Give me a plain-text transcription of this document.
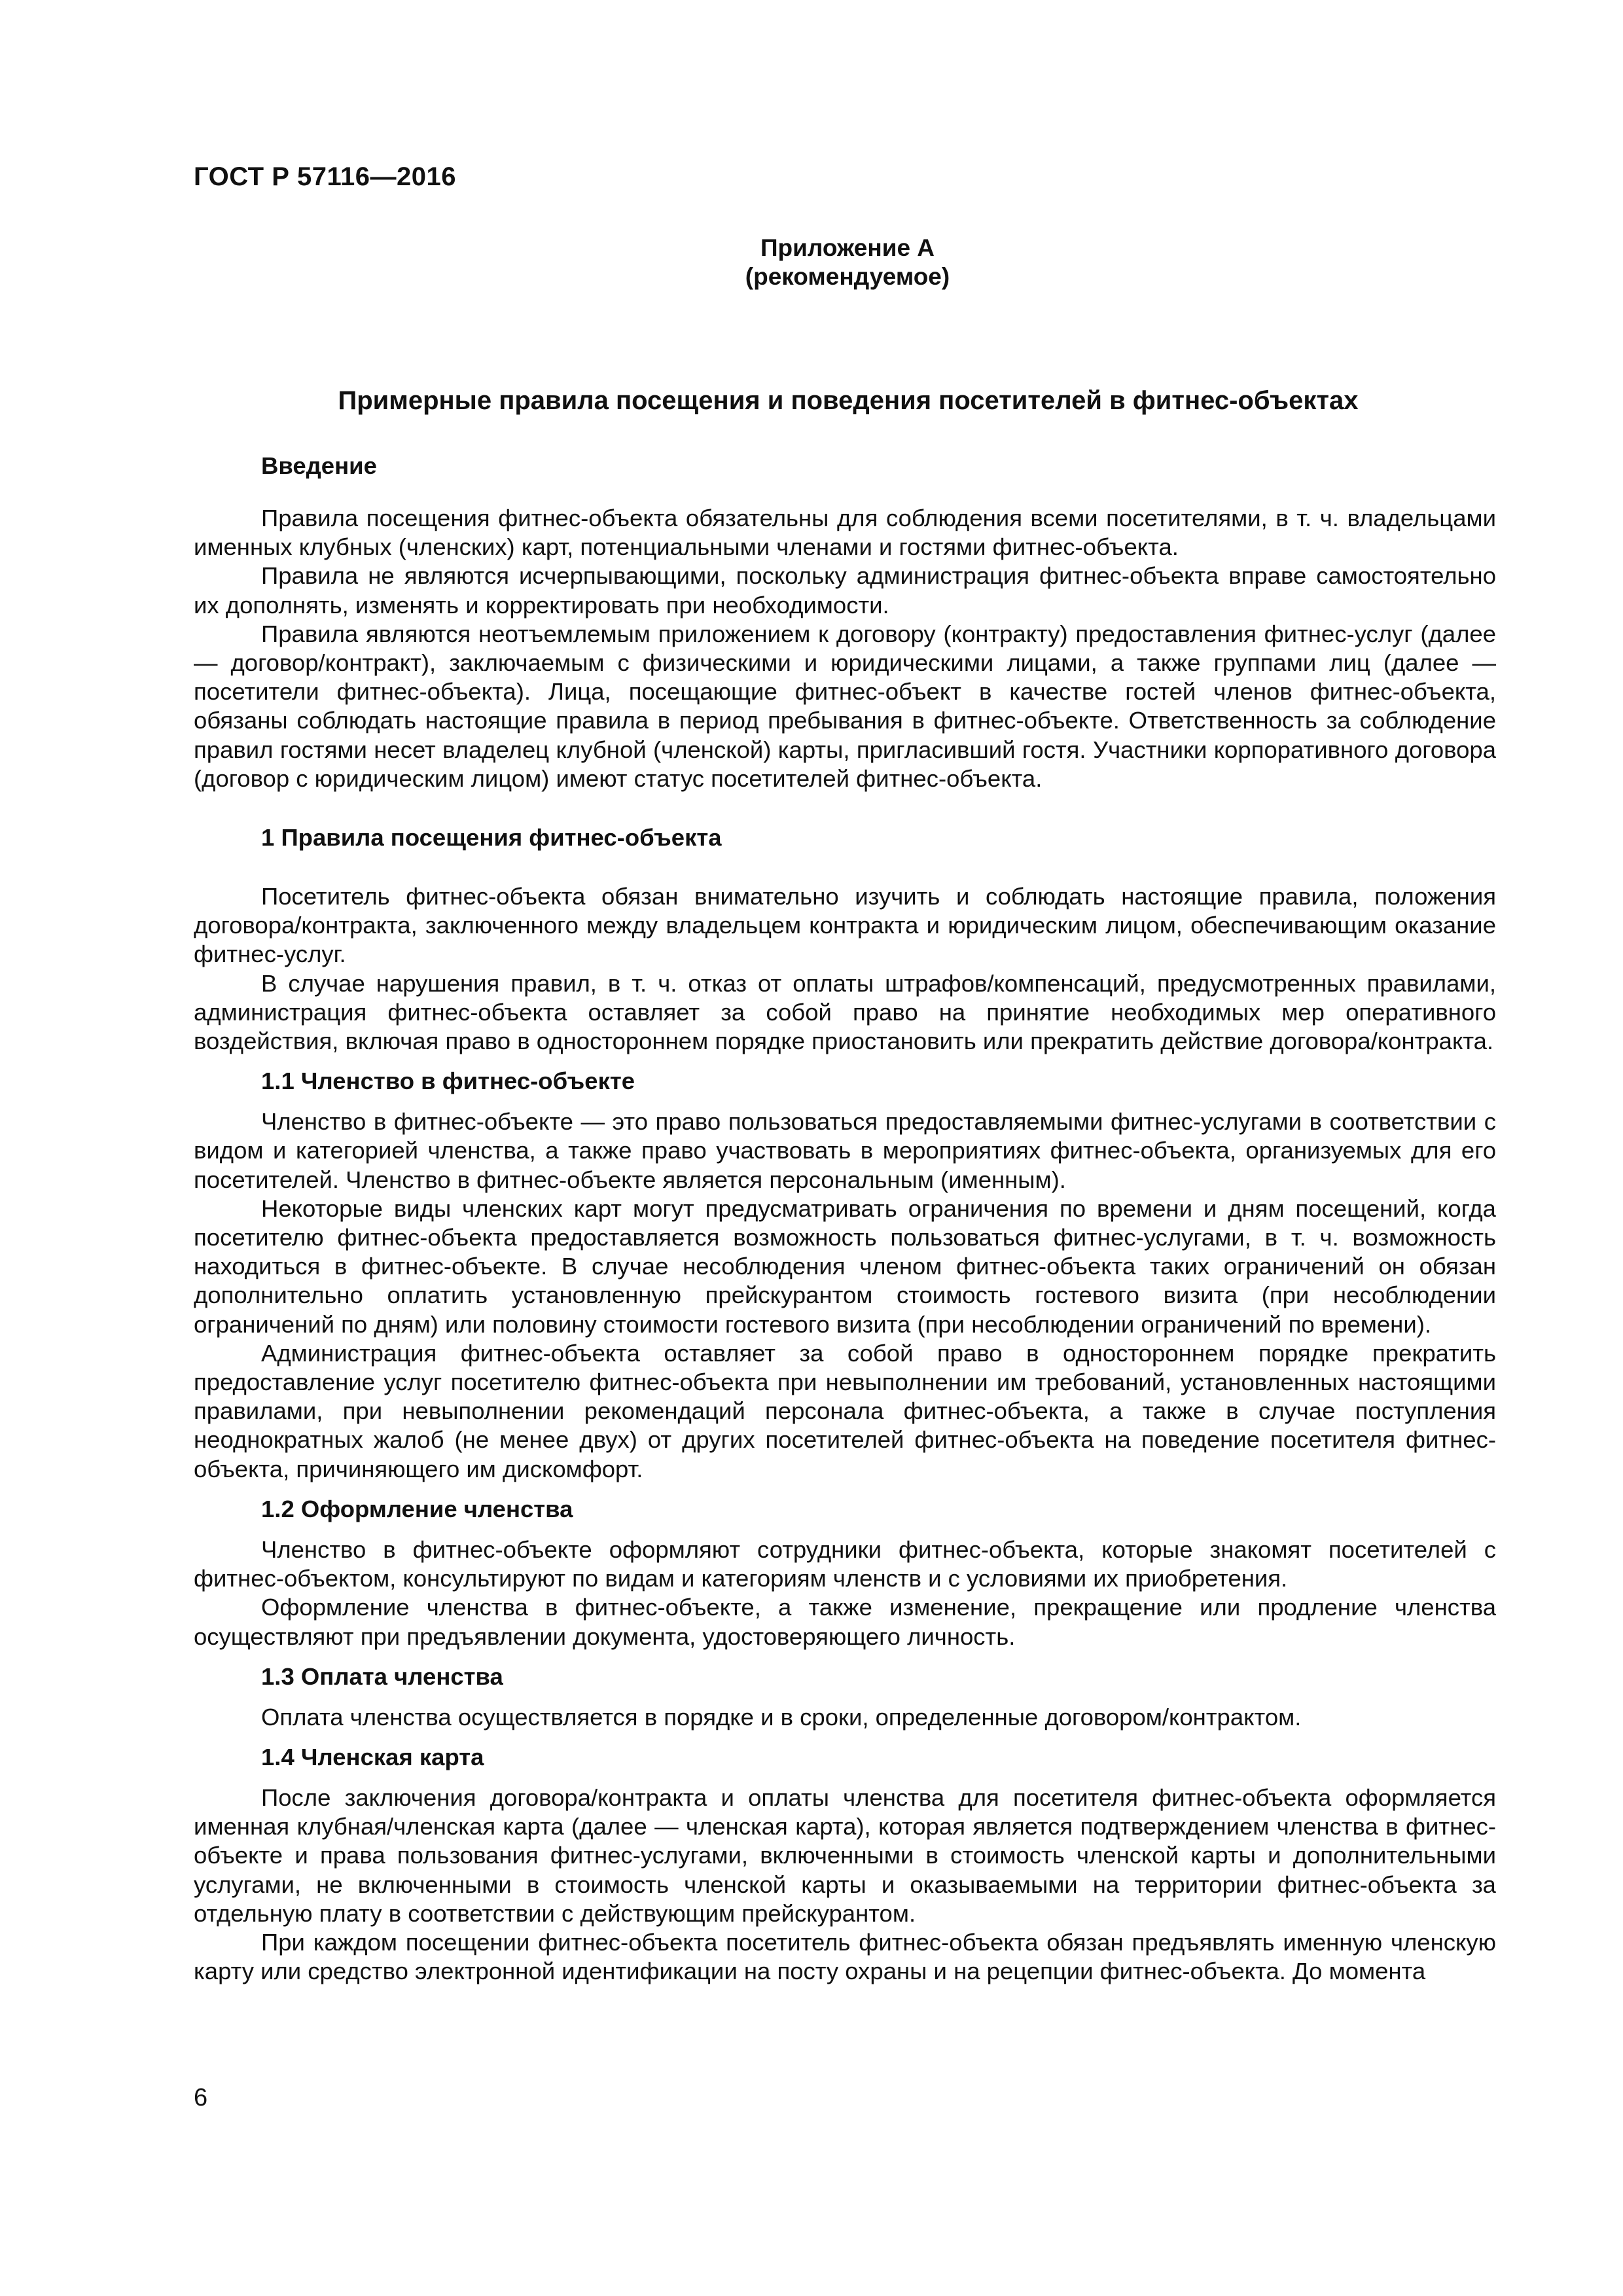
ГОСТ Р 57116—2016
Приложение А
(рекомендуемое)
Примерные правила посещения и поведения посетителей в фитнес-объектах
Введение

Правила посещения фитнес-объекта обязательны для соблюдения всеми посетителями, в т. ч. владельцами именных клубных (членских) карт, потенциальными членами и гостями фитнес-объекта.

Правила не являются исчерпывающими, поскольку администрация фитнес-объекта вправе самостоятельно их дополнять, изменять и корректировать при необходимости.

Правила являются неотъемлемым приложением к договору (контракту) предоставления фитнес-услуг (далее — договор/контракт), заключаемым с физическими и юридическими лицами, а также группами лиц (далее — посетители фитнес-объекта). Лица, посещающие фитнес-объект в качестве гостей членов фитнес-объекта, обязаны соблюдать настоящие правила в период пребывания в фитнес-объекте. Ответственность за соблюдение правил гостями несет владелец клубной (членской) карты, пригласивший гостя. Участники корпоративного договора (договор с юридическим лицом) имеют статус посетителей фитнес-объекта.

1 Правила посещения фитнес-объекта

Посетитель фитнес-объекта обязан внимательно изучить и соблюдать настоящие правила, положения договора/контракта, заключенного между владельцем контракта и юридическим лицом, обеспечивающим оказание фитнес-услуг.

В случае нарушения правил, в т. ч. отказ от оплаты штрафов/компенсаций, предусмотренных правилами, администрация фитнес-объекта оставляет за собой право на принятие необходимых мер оперативного воздействия, включая право в одностороннем порядке приостановить или прекратить действие договора/контракта.

1.1 Членство в фитнес-объекте

Членство в фитнес-объекте — это право пользоваться предоставляемыми фитнес-услугами в соответствии с видом и категорией членства, а также право участвовать в мероприятиях фитнес-объекта, организуемых для его посетителей. Членство в фитнес-объекте является персональным (именным).

Некоторые виды членских карт могут предусматривать ограничения по времени и дням посещений, когда посетителю фитнес-объекта предоставляется возможность пользоваться фитнес-услугами, в т. ч. возможность находиться в фитнес-объекте. В случае несоблюдения членом фитнес-объекта таких ограничений он обязан дополнительно оплатить установленную прейскурантом стоимость гостевого визита (при несоблюдении ограничений по дням) или половину стоимости гостевого визита (при несоблюдении ограничений по времени).

Администрация фитнес-объекта оставляет за собой право в одностороннем порядке прекратить предоставление услуг посетителю фитнес-объекта при невыполнении им требований, установленных настоящими правилами, при невыполнении рекомендаций персонала фитнес-объекта, а также в случае поступления неоднократных жалоб (не менее двух) от других посетителей фитнес-объекта на поведение посетителя фитнес-объекта, причиняющего им дискомфорт.

1.2 Оформление членства

Членство в фитнес-объекте оформляют сотрудники фитнес-объекта, которые знакомят посетителей с фитнес-объектом, консультируют по видам и категориям членств и с условиями их приобретения.

Оформление членства в фитнес-объекте, а также изменение, прекращение или продление членства осуществляют при предъявлении документа, удостоверяющего личность.

1.3 Оплата членства

Оплата членства осуществляется в порядке и в сроки, определенные договором/контрактом.

1.4 Членская карта

После заключения договора/контракта и оплаты членства для посетителя фитнес-объекта оформляется именная клубная/членская карта (далее — членская карта), которая является подтверждением членства в фитнес-объекте и права пользования фитнес-услугами, включенными в стоимость членской карты и дополнительными услугами, не включенными в стоимость членской карты и оказываемыми на территории фитнес-объекта за отдельную плату в соответствии с действующим прейскурантом.

При каждом посещении фитнес-объекта посетитель фитнес-объекта обязан предъявлять именную членскую карту или средство электронной идентификации на посту охраны и на рецепции фитнес-объекта. До момента

6
